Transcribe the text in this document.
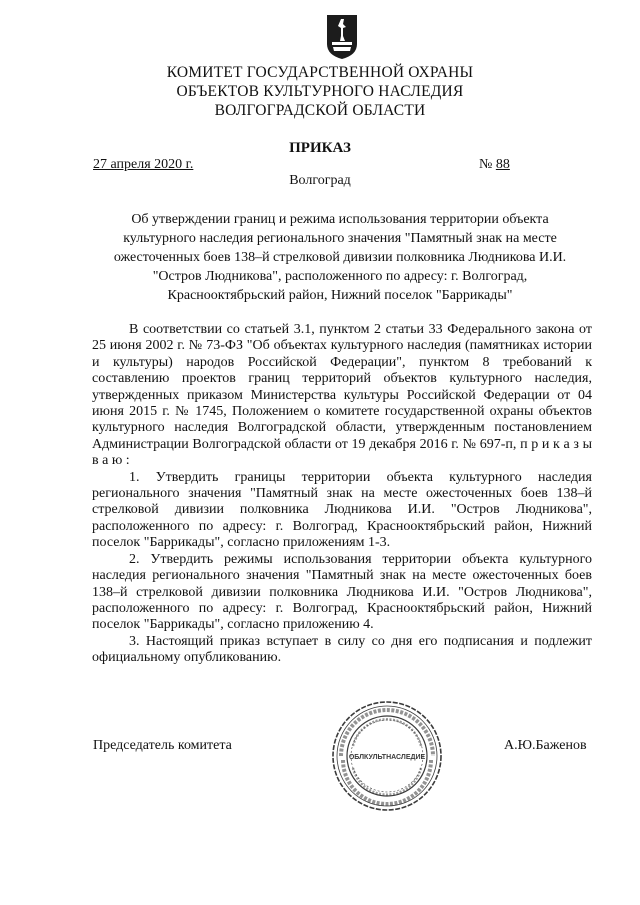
КОМИТЕТ ГОСУДАРСТВЕННОЙ ОХРАНЫ
ОБЪЕКТОВ КУЛЬТУРНОГО НАСЛЕДИЯ
ВОЛГОГРАДСКОЙ ОБЛАСТИ
ПРИКАЗ
27 апреля 2020 г.	№ 88
Волгоград
Об утверждении границ и режима использования территории объекта
культурного наследия регионального значения "Памятный знак на месте
ожесточенных боев 138–й стрелковой дивизии полковника Людникова И.И.
"Остров Людникова", расположенного по адресу: г. Волгоград,
Краснооктябрьский район, Нижний поселок "Баррикады"

В соответствии со статьей 3.1, пунктом 2 статьи 33 Федерального закона от 25 июня 2002 г. № 73-ФЗ "Об объектах культурного наследия (памятниках истории и культуры) народов Российской Федерации", пунктом 8 требований к составлению проектов границ территорий объектов культурного наследия, утвержденных приказом Министерства культуры Российской Федерации от 04 июня 2015 г. № 1745, Положением о комитете государственной охраны объектов культурного наследия Волгоградской области, утвержденным постановлением Администрации Волгоградской области от 19 декабря 2016 г. № 697-п, п р и к а з ы в а ю :

1. Утвердить границы территории объекта культурного наследия регионального значения "Памятный знак на месте ожесточенных боев 138–й стрелковой дивизии полковника Людникова И.И. "Остров Людникова", расположенного по адресу: г. Волгоград, Краснооктябрьский район, Нижний поселок "Баррикады", согласно приложениям 1-3.

2. Утвердить режимы использования территории объекта культурного наследия регионального значения "Памятный знак на месте ожесточенных боев 138–й стрелковой дивизии полковника Людникова И.И. "Остров Людникова", расположенного по адресу: г. Волгоград, Краснооктябрьский район, Нижний поселок "Баррикады", согласно приложению 4.

3. Настоящий приказ вступает в силу со дня его подписания и подлежит официальному опубликованию.

Председатель комитета	А.Ю.Баженов
ОБЛКУЛЬТНАСЛЕДИЕ
